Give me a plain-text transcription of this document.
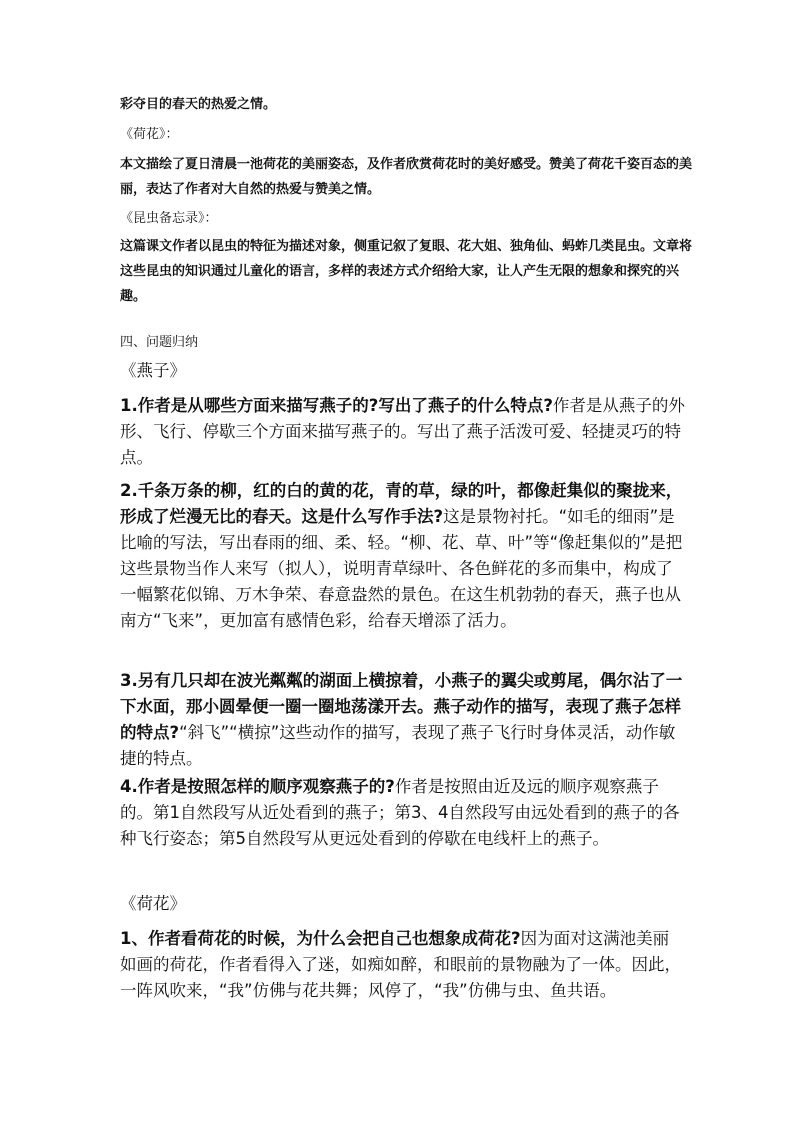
彩夺目的春天的热爱之情。
《荷花》：
本文描绘了夏日清晨一池荷花的美丽姿态，及作者欣赏荷花时的美好感受。赞美了荷花千姿百态的美丽，表达了作者对大自然的热爱与赞美之情。
《昆虫备忘录》：
这篇课文作者以昆虫的特征为描述对象，侧重记叙了复眼、花大姐、独角仙、蚂蚱几类昆虫。文章将这些昆虫的知识通过儿童化的语言，多样的表述方式介绍给大家，让人产生无限的想象和探究的兴趣。
四、问题归纳
《燕子》
1.作者是从哪些方面来描写燕子的?写出了燕子的什么特点?作者是从燕子的外形、飞行、停歇三个方面来描写燕子的。写出了燕子活泼可爱、轻捷灵巧的特点。
2.千条万条的柳，红的白的黄的花，青的草，绿的叶，都像赶集似的聚拢来，形成了烂漫无比的春天。这是什么写作手法?这是景物衬托。“如毛的细雨”是比喻的写法，写出春雨的细、柔、轻。“柳、花、草、叶”等“像赶集似的”是把这些景物当作人来写（拟人），说明青草绿叶、各色鲜花的多而集中，构成了一幅繁花似锦、万木争荣、春意盎然的景色。在这生机勃勃的春天，燕子也从南方“飞来”，更加富有感情色彩，给春天增添了活力。
3.另有几只却在波光粼粼的湖面上横掠着，小燕子的翼尖或剪尾，偶尔沾了一下水面，那小圆晕便一圈一圈地荡漾开去。燕子动作的描写，表现了燕子怎样的特点?“斜飞”“横掠”这些动作的描写，表现了燕子飞行时身体灵活，动作敏捷的特点。
4.作者是按照怎样的顺序观察燕子的?作者是按照由近及远的顺序观察燕子的。第1自然段写从近处看到的燕子；第3、4自然段写由远处看到的燕子的各种飞行姿态；第5自然段写从更远处看到的停歇在电线杆上的燕子。
《荷花》
1、作者看荷花的时候，为什么会把自己也想象成荷花?因为面对这满池美丽如画的荷花，作者看得入了迷，如痴如醉，和眼前的景物融为了一体。因此，一阵风吹来，“我”仿佛与花共舞；风停了，“我”仿佛与虫、鱼共语。
